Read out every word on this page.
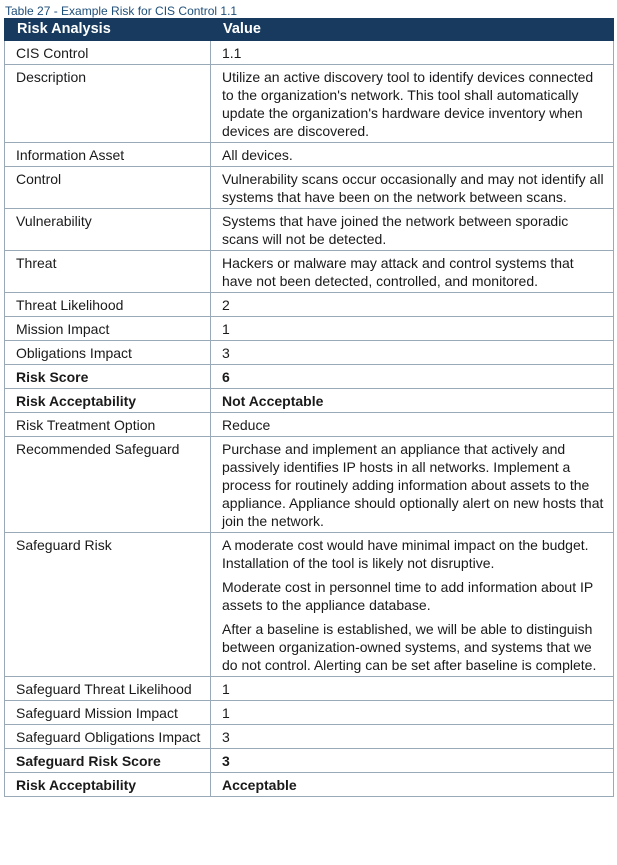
Table 27 - Example Risk for CIS Control 1.1
Risk Analysis	Value
CIS Control	1.1

Description	Utilize an active discovery tool to identify devices connected to the organization's network. This tool shall automatically update the organization's hardware device inventory when devices are discovered.

Information Asset	All devices.

Control	Vulnerability scans occur occasionally and may not identify all systems that have been on the network between scans.

Vulnerability	Systems that have joined the network between sporadic scans will not be detected.

Threat	Hackers or malware may attack and control systems that have not been detected, controlled, and monitored.

Threat Likelihood	2

Mission Impact	1

Obligations Impact	3

Risk Score	6

Risk Acceptability	Not Acceptable

Risk Treatment Option	Reduce

Recommended Safeguard	Purchase and implement an appliance that actively and passively identifies IP hosts in all networks. Implement a process for routinely adding information about assets to the appliance. Appliance should optionally alert on new hosts that join the network.

Safeguard Risk	A moderate cost would have minimal impact on the budget. Installation of the tool is likely not disruptive.

Moderate cost in personnel time to add information about IP assets to the appliance database.

After a baseline is established, we will be able to distinguish between organization-owned systems, and systems that we do not control. Alerting can be set after baseline is complete.

Safeguard Threat Likelihood	1

Safeguard Mission Impact	1

Safeguard Obligations Impact	3

Safeguard Risk Score	3

Risk Acceptability	Acceptable
